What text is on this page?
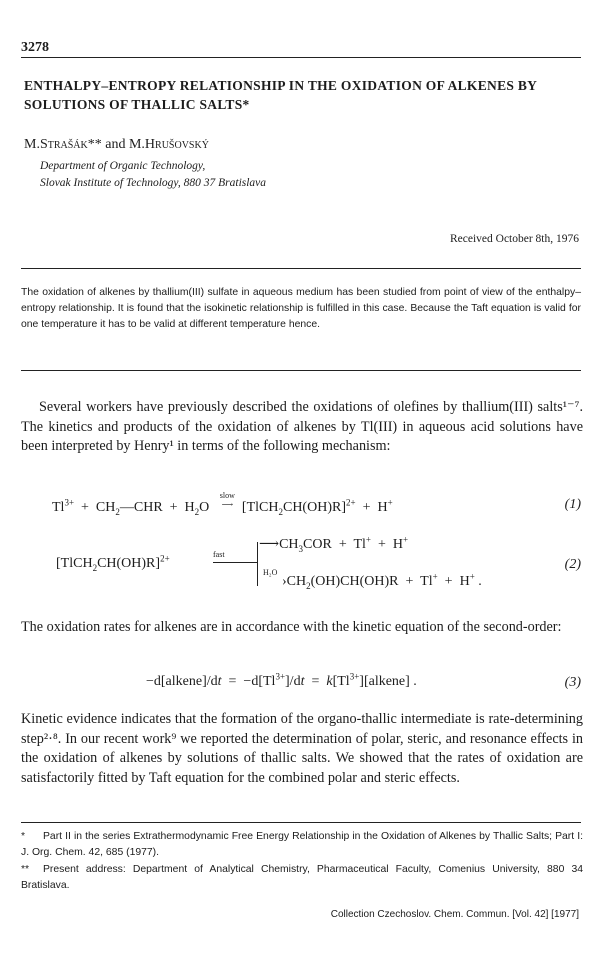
3278
ENTHALPY–ENTROPY RELATIONSHIP IN THE OXIDATION OF ALKENES BY SOLUTIONS OF THALLIC SALTS*
M.Strašák** and M.Hrušovský
Department of Organic Technology,
Slovak Institute of Technology, 880 37 Bratislava
Received October 8th, 1976

The oxidation of alkenes by thallium(III) sulfate in aqueous medium has been studied from point of view of the enthalpy–entropy relationship. It is found that the isokinetic relationship is fulfilled in this case. Because the Taft equation is valid for one temperature it has to be valid at different temperature hence.

Several workers have previously described the oxidations of olefines by thallium(III) salts¹⁻⁷. The kinetics and products of the oxidation of alkenes by Tl(III) in aqueous acid solutions have been interpreted by Henry¹ in terms of the following mechanism:

$Tl^{3+}$  +  $CH_2—CHR + H_2O$   slow
⟶  [TlCH$_2$CH(OH)R]$^{2+}$  +  H+	(1)
[TlCH$_2$CH(OH)R]$^{2+}$	fast
$⟶CH_3COR + Tl^+ + H^+$
H₂O
$›CH_2(OH)CH(OH)R + Tl^+ + H^+$ .
(2)

The oxidation rates for alkenes are in accordance with the kinetic equation of the second-order:

−d[alkene]/dt  =  $-d[Tl^{3+}]/dt$  =  $k[Tl^{3+}][alkene]$ .	(3)

Kinetic evidence indicates that the formation of the organo-thallic intermediate is rate-determining step²·⁸. In our recent work⁹ we reported the determination of polar, steric, and resonance effects in the oxidation of alkenes by solutions of thallic salts. We showed that the rates of oxidation are satisfactorily fitted by Taft equation for the combined polar and steric effects.

* Part II in the series Extrathermodynamic Free Energy Relationship in the Oxidation of Alkenes by Thallic Salts; Part I: J. Org. Chem. 42, 685 (1977).

** Present address: Department of Analytical Chemistry, Pharmaceutical Faculty, Comenius University, 880 34 Bratislava.

Collection Czechoslov. Chem. Commun. [Vol. 42] [1977]
